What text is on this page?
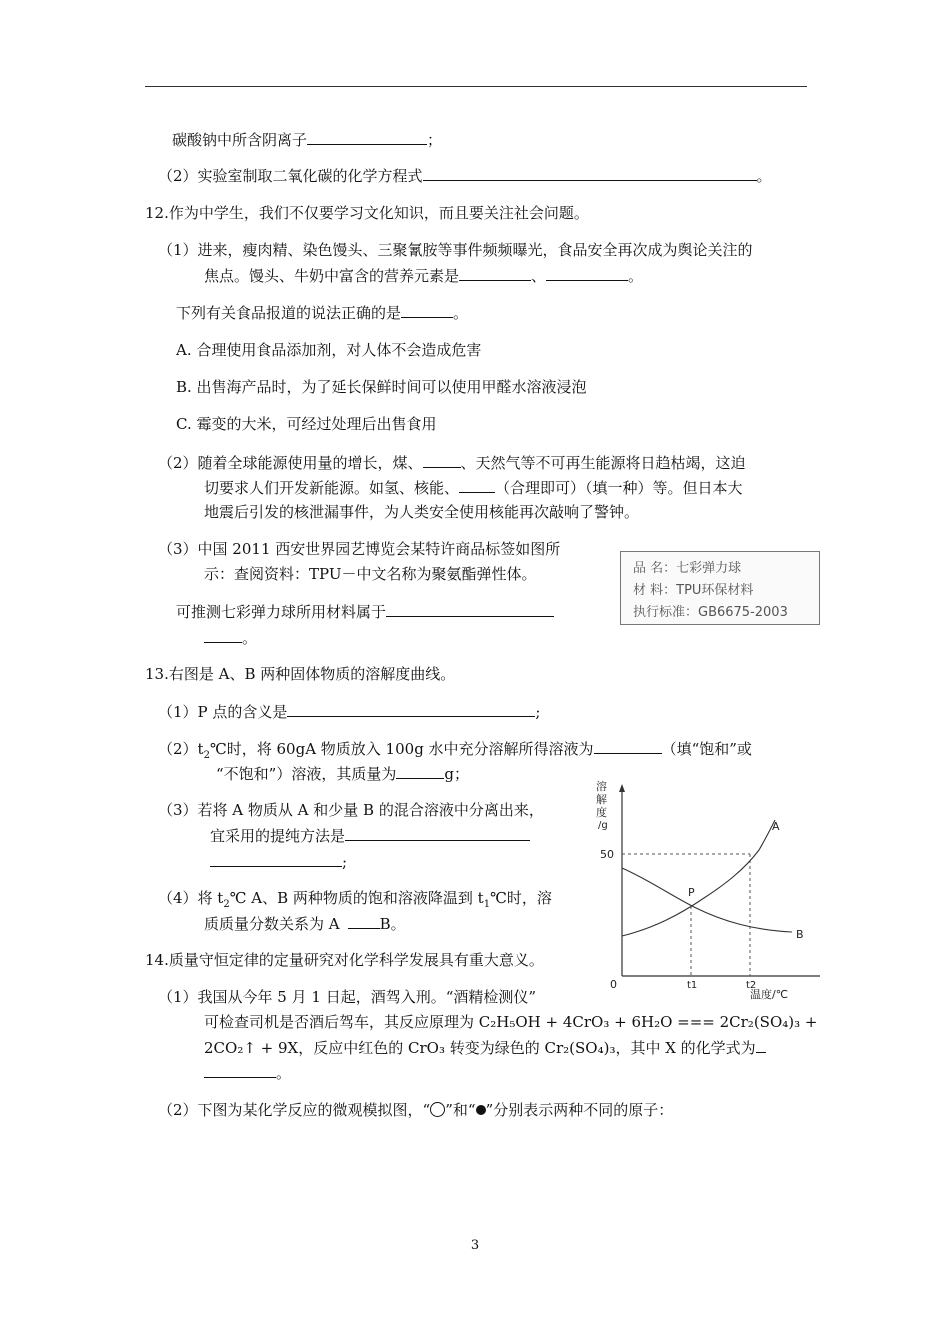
碳酸钠中所含阴离子	；
（2）实验室制取二氧化碳的化学方程式	。
12.作为中学生，我们不仅要学习文化知识，而且要关注社会问题。
（1）进来，瘦肉精、染色馒头、三聚氰胺等事件频频曝光，食品安全再次成为舆论关注的
焦点。馒头、牛奶中富含的营养元素是	、	。
下列有关食品报道的说法正确的是	。
A. 合理使用食品添加剂，对人体不会造成危害
B. 出售海产品时，为了延长保鲜时间可以使用甲醛水溶液浸泡
C. 霉变的大米，可经过处理后出售食用
（2）随着全球能源使用量的增长，煤、	、天然气等不可再生能源将日趋枯竭，这迫
切要求人们开发新能源。如氢、核能、 （合理即可）（填一种）等。但日本大
地震后引发的核泄漏事件，为人类安全使用核能再次敲响了警钟。
（3）中国 2011 西安世界园艺博览会某特许商品标签如图所
示：查阅资料：TPU－中文名称为聚氨酯弹性体。
可推测七彩弹力球所用材料属于
。
品 名：七彩弹力球
材 料：TPU环保材料
执行标准：GB6675-2003
13.右图是 A、B 两种固体物质的溶解度曲线。
（1）P 点的含义是	;
$(2)t_2℃$时，将 60gA 物质放入 100g 水中充分溶解所得溶液为	（填“饱和”或
“不饱和”）溶液，其质量为	g；
（3）若将 A 物质从 A 和少量 B 的混合溶液中分离出来，
宜采用的提纯方法是
;
（4）将 $t_2℃$ A、B 两种物质的饱和溶液降温到 $t_1℃$时，溶
质质量分数关系为 A	B。
溶
解
度
/g
50
0	t1	t2
温度/℃
P
A
B
14.质量守恒定律的定量研究对化学科学发展具有重大意义。
（1）我国从今年 5 月 1 日起，酒驾入刑。“酒精检测仪”
可检查司机是否酒后驾车，其反应原理为 C₂H₅OH + 4CrO₃ + 6H₂O === 2Cr₂(SO₄)₃ +
2CO₂↑ + 9X，反应中红色的 CrO₃ 转变为绿色的 Cr₂(SO₄)₃，其中 X 的化学式为
。
（2）下图为某化学反应的微观模拟图，“ ”和“ ”分别表示两种不同的原子：
3
